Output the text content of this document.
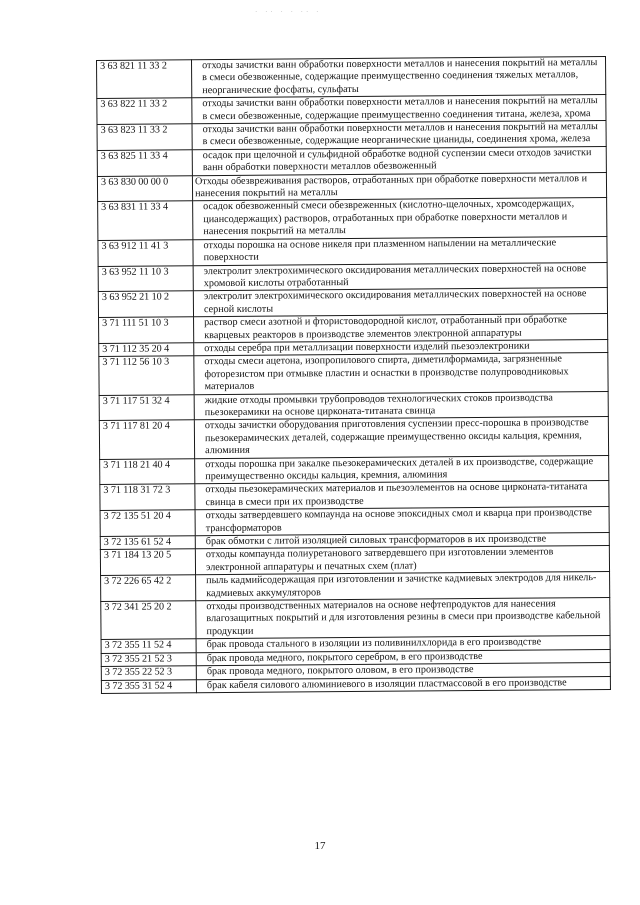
· ·· · · ·· ·
3 63 821 11 33 2	отходы зачистки ванн обработки поверхности металлов и нанесения покрытий на металлы в смеси обезвоженные, содержащие преимущественно соединения тяжелых металлов, неорганические фосфаты, сульфаты
3 63 822 11 33 2	отходы зачистки ванн обработки поверхности металлов и нанесения покрытий на металлы в смеси обезвоженные, содержащие преимущественно соединения титана, железа, хрома
3 63 823 11 33 2	отходы зачистки ванн обработки поверхности металлов и нанесения покрытий на металлы в смеси обезвоженные, содержащие неорганические цианиды, соединения хрома, железа
3 63 825 11 33 4	осадок при щелочной и сульфидной обработке водной суспензии смеси отходов зачистки ванн обработки поверхности металлов обезвоженный
3 63 830 00 00 0	Отходы обезвреживания растворов, отработанных при обработке поверхности металлов и нанесения покрытий на металлы
3 63 831 11 33 4	осадок обезвоженный смеси обезвреженных (кислотно-щелочных, хромсодержащих, циансодержащих) растворов, отработанных при обработке поверхности металлов и нанесения покрытий на металлы
3 63 912 11 41 3	отходы порошка на основе никеля при плазменном напылении на металлические поверхности
3 63 952 11 10 3	электролит электрохимического оксидирования металлических поверхностей на основе хромовой кислоты отработанный
3 63 952 21 10 2	электролит электрохимического оксидирования металлических поверхностей на основе серной кислоты
3 71 111 51 10 3	раствор смеси азотной и фтористоводородной кислот, отработанный при обработке кварцевых реакторов в производстве элементов электронной аппаратуры
3 71 112 35 20 4	отходы серебра при металлизации поверхности изделий пьезоэлектроники
3 71 112 56 10 3	отходы смеси ацетона, изопропилового спирта, диметилформамида, загрязненные фоторезистом при отмывке пластин и оснастки в производстве полупроводниковых материалов
3 71 117 51 32 4	жидкие отходы промывки трубопроводов технологических стоков производства пьезокерамики на основе цирконата-титаната свинца
3 71 117 81 20 4	отходы зачистки оборудования приготовления суспензии пресс-порошка в производстве пьезокерамических деталей, содержащие преимущественно оксиды кальция, кремния, алюминия
3 71 118 21 40 4	отходы порошка при закалке пьезокерамических деталей в их производстве, содержащие преимущественно оксиды кальция, кремния, алюминия
3 71 118 31 72 3	отходы пьезокерамических материалов и пьезоэлементов на основе цирконата-титаната свинца в смеси при их производстве
3 72 135 51 20 4	отходы затвердевшего компаунда на основе эпоксидных смол и кварца при производстве трансформаторов
3 72 135 61 52 4	брак обмотки с литой изоляцией силовых трансформаторов в их производстве
3 71 184 13 20 5	отходы компаунда полиуретанового затвердевшего при изготовлении элементов электронной аппаратуры и печатных схем (плат)
3 72 226 65 42 2	пыль кадмийсодержащая при изготовлении и зачистке кадмиевых электродов для никель-кадмиевых аккумуляторов
3 72 341 25 20 2	отходы производственных материалов на основе нефтепродуктов для нанесения влагозащитных покрытий и для изготовления резины в смеси при производстве кабельной продукции
3 72 355 11 52 4	брак провода стального в изоляции из поливинилхлорида в его производстве
3 72 355 21 52 3	брак провода медного, покрытого серебром, в его производстве
3 72 355 22 52 3	брак провода медного, покрытого оловом, в его производстве
3 72 355 31 52 4	брак кабеля силового алюминиевого в изоляции пластмассовой в его производстве
17
